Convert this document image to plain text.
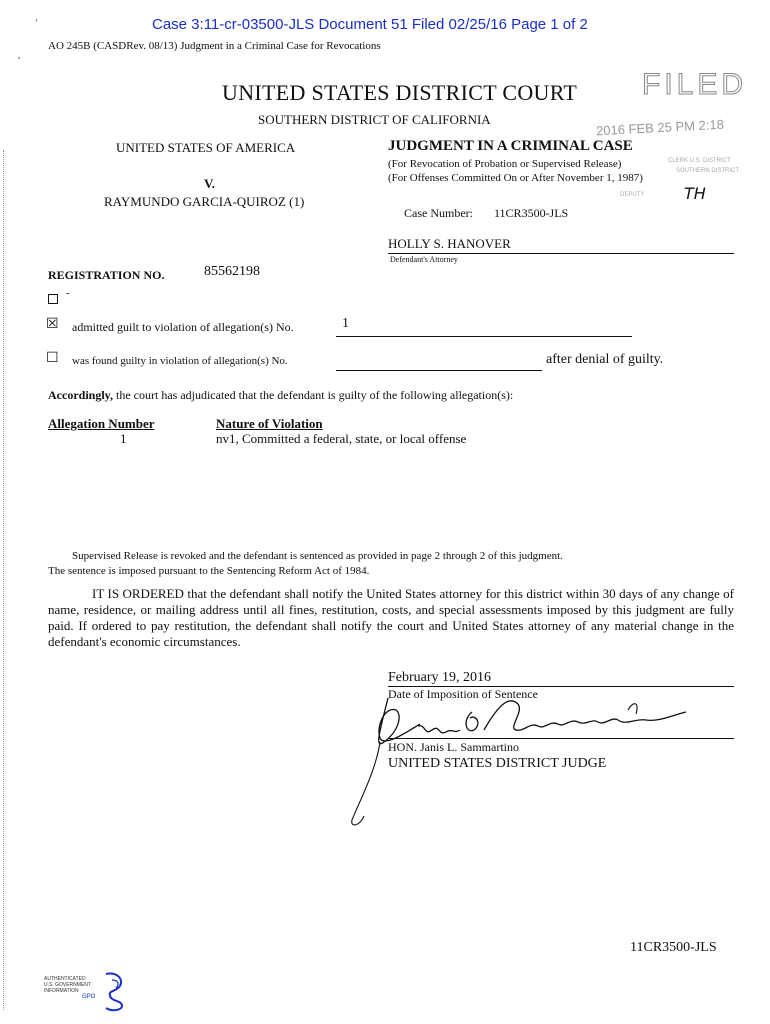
Case 3:11-cr-03500-JLS Document 51 Filed 02/25/16 Page 1 of 2
AO 245B (CASDRev. 08/13) Judgment in a Criminal Case for Revocations
'
,
UNITED STATES DISTRICT COURT
SOUTHERN DISTRICT OF CALIFORNIA
FILED
2016 FEB 25 PM 2:18
CLERK U.S. DISTRICT
SOUTHERN DISTRICT
DEPUTY TH
UNITED STATES OF AMERICA
V.
RAYMUNDO GARCIA-QUIROZ (1)
JUDGMENT IN A CRIMINAL CASE
(For Revocation of Probation or Supervised Release)
(For Offenses Committed On or After November 1, 1987)
Case Number: 11CR3500-JLS
HOLLY S. HANOVER
Defendant's Attorney
REGISTRATION NO.	85562198
-
☒ admitted guilt to violation of allegation(s) No.	1
☐ was found guilty in violation of allegation(s) No.	after denial of guilty.
Accordingly, the court has adjudicated that the defendant is guilty of the following allegation(s):
Allegation Number	Nature of Violation
1	nv1, Committed a federal, state, or local offense
Supervised Release is revoked and the defendant is sentenced as provided in page 2 through 2 of this judgment.
The sentence is imposed pursuant to the Sentencing Reform Act of 1984.
IT IS ORDERED that the defendant shall notify the United States attorney for this district within 30 days of any change of name, residence, or mailing address until all fines, restitution, costs, and special assessments imposed by this judgment are fully paid. If ordered to pay restitution, the defendant shall notify the court and United States attorney of any material change in the defendant's economic circumstances.
February 19, 2016
Date of Imposition of Sentence
HON. Janis L. Sammartino
UNITED STATES DISTRICT JUDGE
11CR3500-JLS
AUTHENTICATED
U.S. GOVERNMENT
INFORMATION
GPO
